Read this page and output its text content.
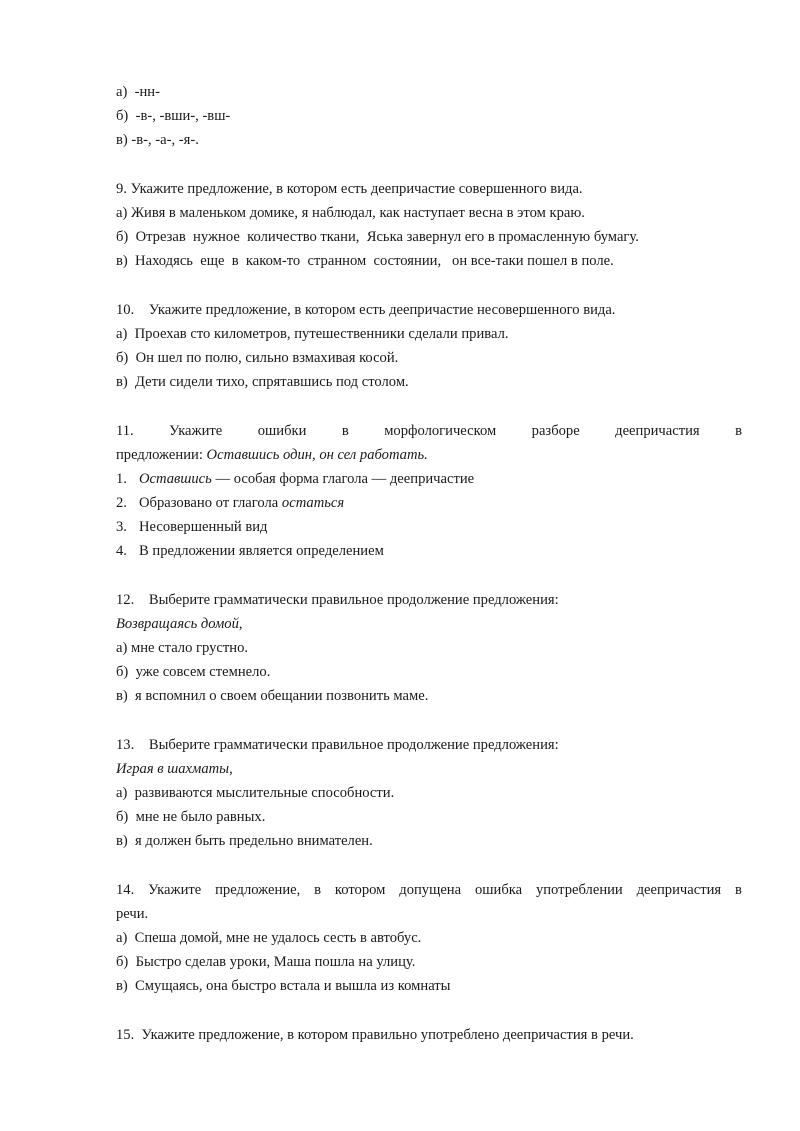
а)  -нн-
б)  -в-, -вши-, -вш-
в) -в-, -а-, -я-.
9. Укажите предложение, в котором есть деепричастие совершенного вида.
а) Живя в маленьком домике, я наблюдал, как наступает весна в этом краю.
б)  Отрезав  нужное  количество ткани,  Яська завернул его в промасленную бумагу.
в)  Находясь  еще  в  каком-то  странном  состоянии,   он все-таки пошел в поле.
10.    Укажите предложение, в котором есть деепричастие несовершенного вида.
а)  Проехав сто километров, путешественники сделали привал.
б)  Он шел по полю, сильно взмахивая косой.
в)  Дети сидели тихо, спрятавшись под столом.
11. Укажите ошибки в морфологическом разборе деепричастия в
предложении: Оставшись один, он сел работать.
1. Оставшись — особая форма глагола — деепричастие
2. Образовано от глагола остаться
3. Несовершенный вид
4. В предложении является определением
12.    Выберите грамматически правильное продолжение предложения:
Возвращаясь домой,
а) мне стало грустно.
б)  уже совсем стемнело.
в)  я вспомнил о своем обещании позвонить маме.
13.    Выберите грамматически правильное продолжение предложения:
Играя в шахматы,
а)  развиваются мыслительные способности.
б)  мне не было равных.
в)  я должен быть предельно внимателен.
14. Укажите предложение, в котором допущена ошибка употреблении деепричастия в
речи.
а)  Спеша домой, мне не удалось сесть в автобус.
б)  Быстро сделав уроки, Маша пошла на улицу.
в)  Смущаясь, она быстро встала и вышла из комнаты
15.  Укажите предложение, в котором правильно употреблено деепричастия в речи.
